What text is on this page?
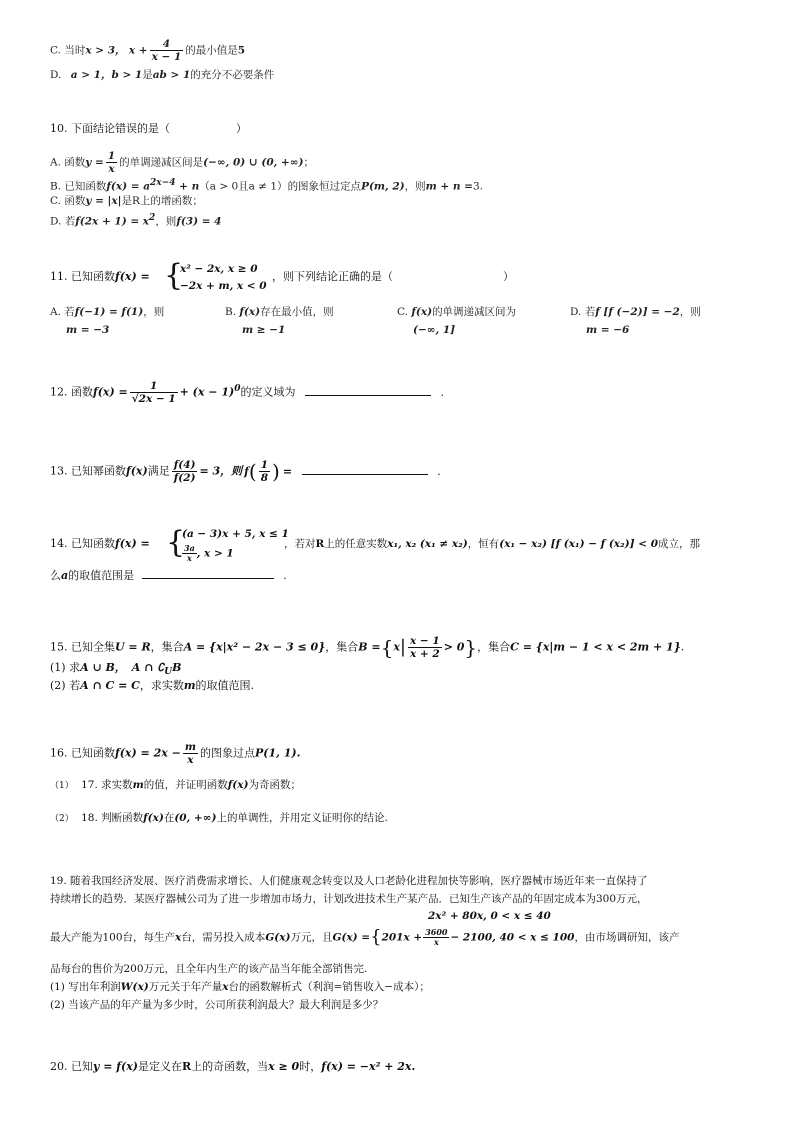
C. 当时x > 3， $x + \frac{4}{x - 1}$ 的最小值是5
D. a > 1，b > 1是ab > 1的充分不必要条件
10. 下面结论错误的是（　　　　　　）
A. 函数$y = \frac{1}{x}$ 的单调递减区间是(−∞, 0) ∪ (0, +∞)；
B. 已知函数$f(x) = a^{2x-4} + n(a > 0$且a ≠ 1）的图象恒过定点P(m, 2)，则m + n =3.
C. 函数y = |x|是R上的增函数；
D. 若$f(2x + 1) = x^2$，则f(3) = 4
11. 已知函数f(x) = {
x² − 2x, x ≥ 0
−2x + m, x < 0
，则下列结论正确的是（　　　　　　　　　　）
A. 若f(−1) = f(1)，则
m = −3
B. f(x)存在最小值，则
m ≥ −1
C. f(x)的单调递减区间为
(−∞, 1]
D. 若f [f (−2)] = −2，则
m = −6
12. 函数$f(x) = \frac{1}{√2x - 1} + (x - 1)^0$的定义域为	.
13. 已知幂函数f(x)满足 $\frac{f(4)}{f(2)} = 3$，则 $f( \frac{1}{8}$ ) =	.
14. 已知函数f(x) = {
(a − 3)x + 5, x ≤ 1
$\frac{3a}{x}$ , x > 1
，若对R上的任意实数x₁, x₂ (x₁ ≠ x₂)，恒有(x₁ − x₂) [f (x₁) − f (x₂)] < 0成立，那
么a的取值范围是	.
15. 已知全集U = R，集合A = {x|x² − 2x − 3 ≤ 0}，集合$B =\{x| \frac{x - 1}{x + 2} > 0\}$，集合C = {x|m − 1 < x < 2m + 1}.
(1) 求A ∪ B， A ∩ $∁_UB$
(2) 若A ∩ C = C，求实数m的取值范围.
16. 已知函数$f(x) = 2x - \frac{m}{x}$ 的图象过点P(1, 1).
（1） 17. 求实数m的值，并证明函数f(x)为奇函数；
（2） 18. 判断函数f(x)在(0, +∞)上的单调性，并用定义证明你的结论.
19. 随着我国经济发展、医疗消费需求增长、人们健康观念转变以及人口老龄化进程加快等影响，医疗器械市场近年来一直保持了
持续增长的趋势．某医疗器械公司为了进一步增加市场力，计划改进技术生产某产品．已知生产该产品的年固定成本为300万元，
2x² + 80x, 0 < x ≤ 40
最大产能为100台，每生产x台，需另投入成本G(x)万元，且$G(x) =\{201x + \frac{3600}{x} - 2100$, 40 < x ≤ 100，由市场调研知，该产
品每台的售价为200万元，且全年内生产的该产品当年能全部销售完.
(1) 写出年利润W(x)万元关于年产量x台的函数解析式（利润=销售收入−成本）；
(2) 当该产品的年产量为多少时，公司所获利润最大？最大利润是多少？
20. 已知y = f(x)是定义在R上的奇函数，当x ≥ 0时，f(x) = −x² + 2x.
